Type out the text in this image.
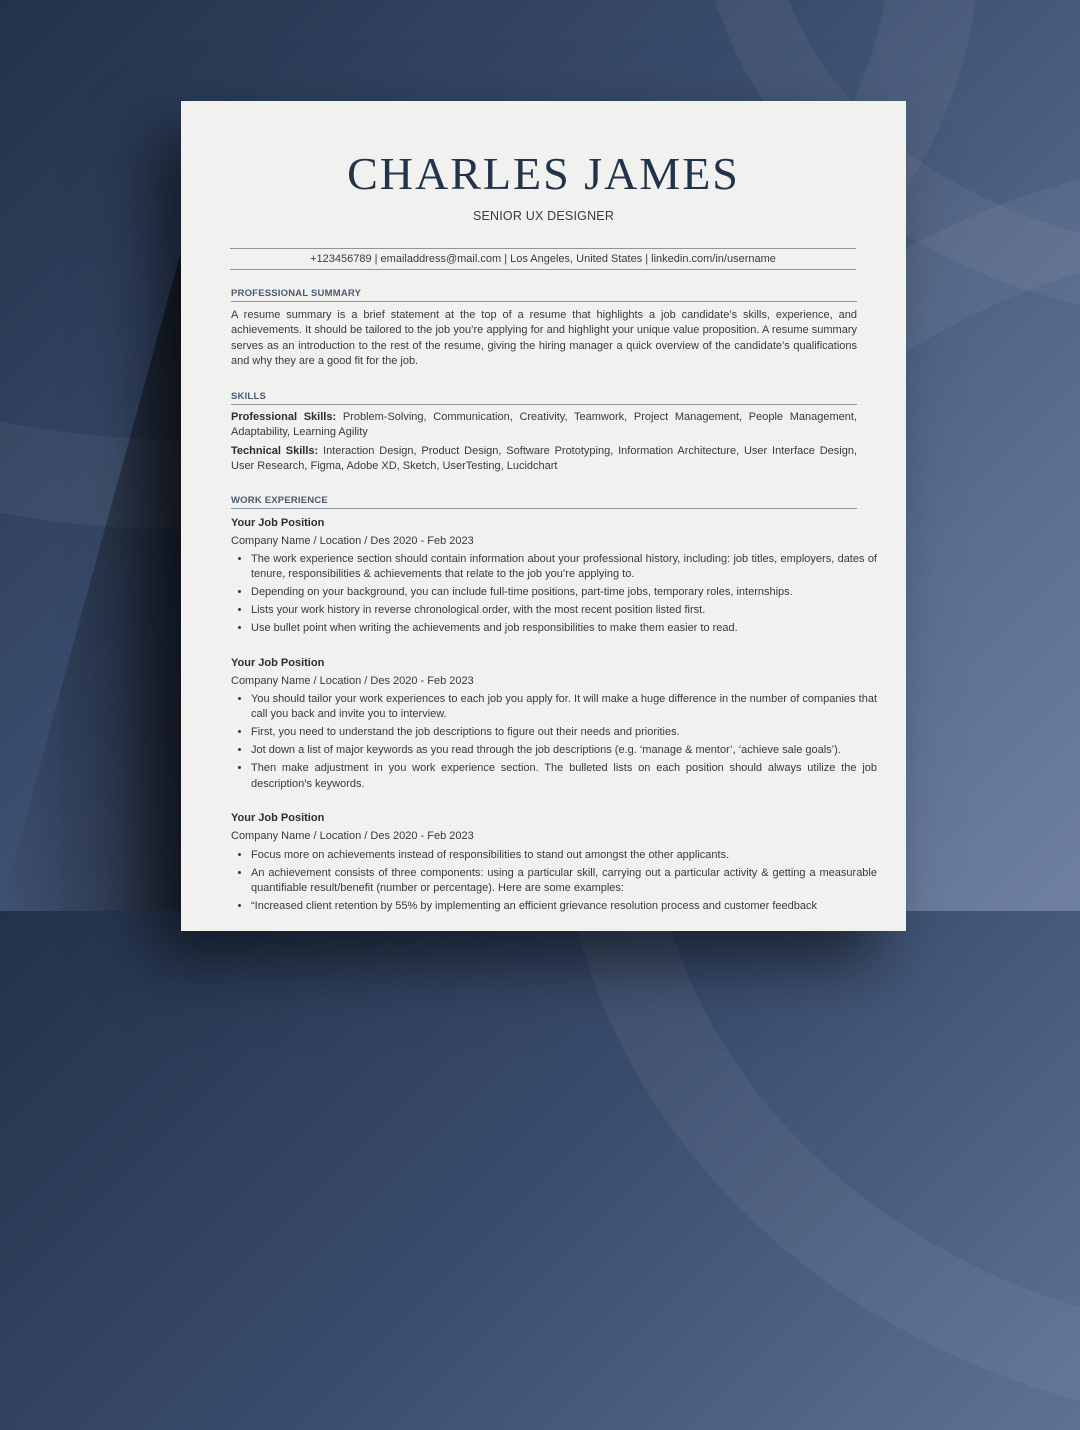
CHARLES JAMES
SENIOR UX DESIGNER
+123456789 | emailaddress@mail.com | Los Angeles, United States | linkedin.com/in/username
PROFESSIONAL SUMMARY
A resume summary is a brief statement at the top of a resume that highlights a job candidate’s skills, experience, and achievements. It should be tailored to the job you’re applying for and highlight your unique value proposition. A resume summary serves as an introduction to the rest of the resume, giving the hiring manager a quick overview of the candidate’s qualifications and why they are a good fit for the job.
SKILLS
Professional Skills: Problem-Solving, Communication, Creativity, Teamwork, Project Management, People Management, Adaptability, Learning Agility
Technical Skills: Interaction Design, Product Design, Software Prototyping, Information Architecture, User Interface Design, User Research, Figma, Adobe XD, Sketch, UserTesting, Lucidchart
WORK EXPERIENCE
Your Job Position
Company Name / Location / Des 2020 - Feb 2023
• The work experience section should contain information about your professional history, including: job titles, employers, dates of tenure, responsibilities & achievements that relate to the job you’re applying to.
• Depending on your background, you can include full-time positions, part-time jobs, temporary roles, internships.
• Lists your work history in reverse chronological order, with the most recent position listed first.
• Use bullet point when writing the achievements and job responsibilities to make them easier to read.
Your Job Position
Company Name / Location / Des 2020 - Feb 2023
• You should tailor your work experiences to each job you apply for. It will make a huge difference in the number of companies that call you back and invite you to interview.
• First, you need to understand the job descriptions to figure out their needs and priorities.
• Jot down a list of major keywords as you read through the job descriptions (e.g. ‘manage & mentor’, ‘achieve sale goals’).
• Then make adjustment in you work experience section. The bulleted lists on each position should always utilize the job description’s keywords.
Your Job Position
Company Name / Location / Des 2020 - Feb 2023
• Focus more on achievements instead of responsibilities to stand out amongst the other applicants.
• An achievement consists of three components: using a particular skill, carrying out a particular activity & getting a measurable quantifiable result/benefit (number or percentage). Here are some examples:
• “Increased client retention by 55% by implementing an efficient grievance resolution process and customer feedback
